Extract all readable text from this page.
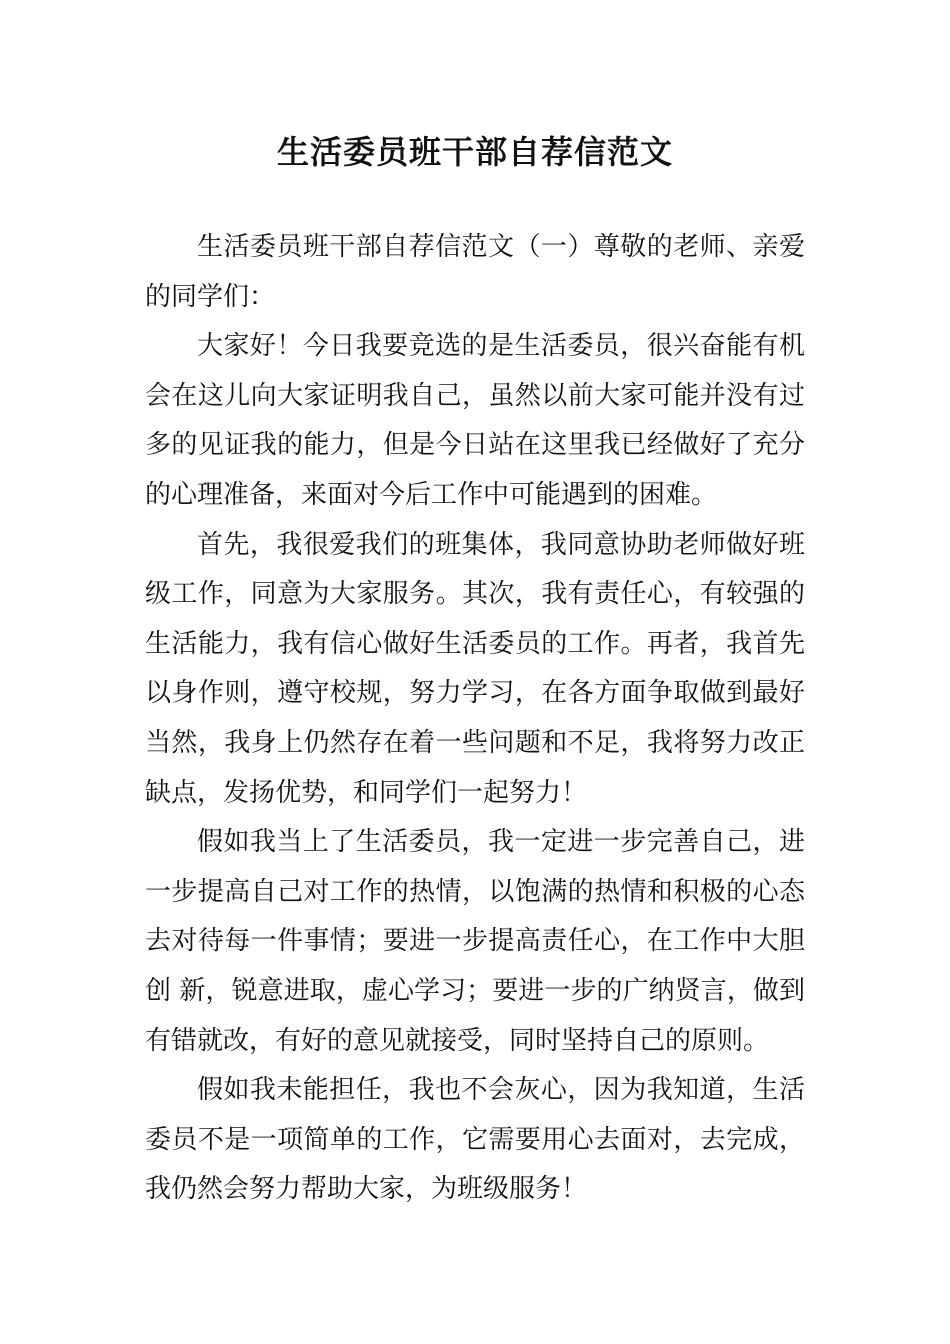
生活委员班干部自荐信范文

生活委员班干部自荐信范文（一）尊敬的老师、亲爱的同学们：

大家好！今日我要竞选的是生活委员，很兴奋能有机会在这儿向大家证明我自己，虽然以前大家可能并没有过多的见证我的能力，但是今日站在这里我已经做好了充分的心理准备，来面对今后工作中可能遇到的困难。

首先，我很爱我们的班集体，我同意协助老师做好班级工作，同意为大家服务。其次，我有责任心，有较强的生活能力，我有信心做好生活委员的工作。再者，我首先以身作则，遵守校规，努力学习，在各方面争取做到最好当然，我身上仍然存在着一些问题和不足，我将努力改正缺点，发扬优势，和同学们一起努力！

假如我当上了生活委员，我一定进一步完善自己，进一步提高自己对工作的热情，以饱满的热情和积极的心态去对待每一件事情；要进一步提高责任心，在工作中大胆创 新，锐意进取，虚心学习；要进一步的广纳贤言，做到有错就改，有好的意见就接受，同时坚持自己的原则。

假如我未能担任，我也不会灰心，因为我知道，生活委员不是一项简单的工作，它需要用心去面对，去完成，我仍然会努力帮助大家，为班级服务！
